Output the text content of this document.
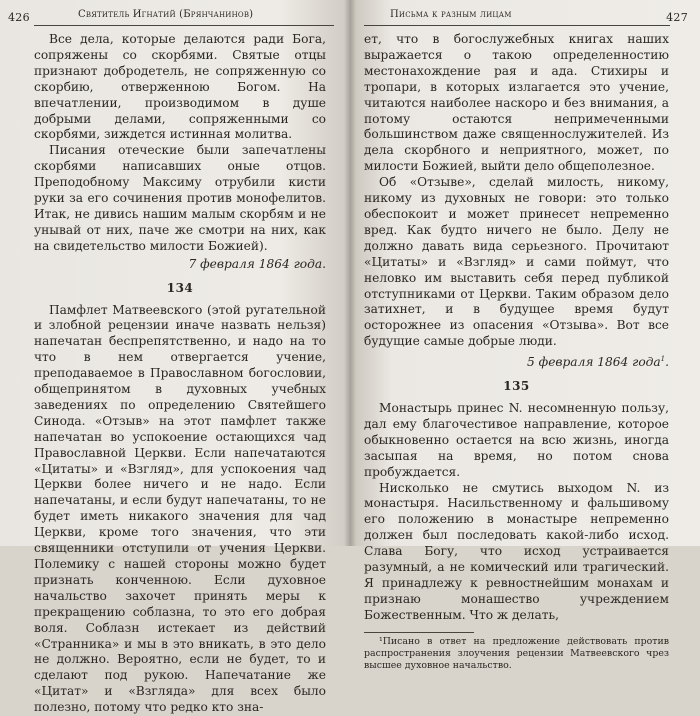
426	Святитель Игнатий (Брянчанинов)

Все дела, которые делаются ради Бога, сопряжены со скорбями. Святые отцы признают добродетель, не сопряженную со скорбию, отверженною Богом. На впечатлении, производимом в душе добрыми делами, сопряженными со скорбями, зиждется истинная молитва.

Писания отеческие были запечатлены скорбями написавших оные отцов. Преподобному Максиму отрубили кисти руки за его сочинения против монофелитов. Итак, не дивись нашим малым скорбям и не унывай от них, паче же смотри на них, как на свидетельство милости Божией).

7 февраля 1864 года.
134

Памфлет Матвеевского (этой ругательной и злобной рецензии иначе назвать нельзя) напечатан беспрепятственно, и надо на то что в нем отвергается учение, преподаваемое в Православном богословии, общепринятом в духовных учебных заведениях по определению Святейшего Синода. «Отзыв» на этот памфлет также напечатан во успокоение остающихся чад Православной Церкви. Если напечатаются «Цитаты» и «Взгляд», для успокоения чад Церкви более ничего и не надо. Если напечатаны, и если будут напечатаны, то не будет иметь никакого значения для чад Церкви, кроме того значения, что эти священники отступили от учения Церкви. Полемику с нашей стороны можно будет признать конченною. Если духовное начальство захочет принять меры к прекращению соблазна, то это его добрая воля. Соблазн истекает из действий «Странника» и мы в это вникать, в это дело не должно. Вероятно, если не будет, то и сделают под рукою. Напечатание же «Цитат» и «Взгляда» для всех было полезно, потому что редко кто зна-

Письма к разным лицам	427

ет, что в богослужебных книгах наших выражается о такою определенностию местонахождение рая и ада. Стихиры и тропари, в которых излагается это учение, читаются наиболее наскоро и без внимания, а потому остаются непримеченными большинством даже священнослужителей. Из дела скорбного и неприятного, может, по милости Божией, выйти дело общеполезное.

Об «Отзыве», сделай милость, никому, никому из духовных не говори: это только обеспокоит и может принесет непременно вред. Как будто ничего не было. Делу не должно давать вида серьезного. Прочитают «Цитаты» и «Взгляд» и сами поймут, что неловко им выставить себя перед публикой отступниками от Церкви. Таким образом дело затихнет, и в будущее время будут осторожнее из опасения «Отзыва». Вот все будущие самые добрые люди.

5 февраля 1864 года$^1$.
135

Монастырь принес N. несомненную пользу, дал ему благочестивое направление, которое обыкновенно остается на всю жизнь, иногда засыпая на время, но потом снова пробуждается.

Нисколько не смутись выходом N. из монастыря. Насильственному и фальшивому его положению в монастыре непременно должен был последовать какой-либо исход. Слава Богу, что исход устраивается разумный, а не комический или трагический. Я принадлежу к ревностнейшим монахам и признаю монашество учреждением Божественным. Что ж делать,

¹Писано в ответ на предложение действовать против распространения злоучения рецензии Матвеевского чрез высшее духовное начальство.
